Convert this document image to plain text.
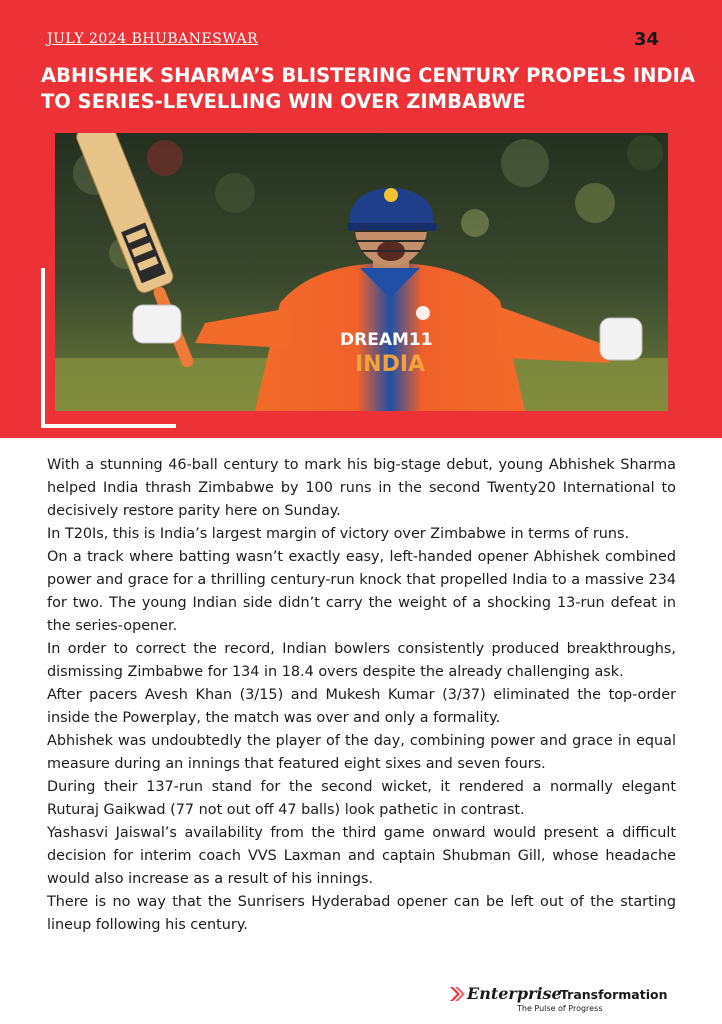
JULY 2024 BHUBANESWAR	34
ABHISHEK SHARMA’S BLISTERING CENTURY PROPELS INDIA TO SERIES-LEVELLING WIN OVER ZIMBABWE
DREAM11
INDIA

With a stunning 46-ball century to mark his big-stage debut, young Abhishek Sharma helped India thrash Zimbabwe by 100 runs in the second Twenty20 International to decisively restore parity here on Sunday.

In T20Is, this is India’s largest margin of victory over Zimbabwe in terms of runs.

On a track where batting wasn’t exactly easy, left-handed opener Abhishek combined power and grace for a thrilling century-run knock that propelled India to a massive 234 for two. The young Indian side didn’t carry the weight of a shocking 13-run defeat in the series-opener.

In order to correct the record, Indian bowlers consistently produced breakthroughs, dismissing Zimbabwe for 134 in 18.4 overs despite the already challenging ask.

After pacers Avesh Khan (3/15) and Mukesh Kumar (3/37) eliminated the top-order inside the Powerplay, the match was over and only a formality.

Abhishek was undoubtedly the player of the day, combining power and grace in equal measure during an innings that featured eight sixes and seven fours.

During their 137-run stand for the second wicket, it rendered a normally elegant Ruturaj Gaikwad (77 not out off 47 balls) look pathetic in contrast.

Yashasvi Jaiswal’s availability from the third game onward would present a difficult decision for interim coach VVS Laxman and captain Shubman Gill, whose headache would also increase as a result of his innings.

There is no way that the Sunrisers Hyderabad opener can be left out of the starting lineup following his century.

Enterprise
Transformation
The Pulse of Progress
